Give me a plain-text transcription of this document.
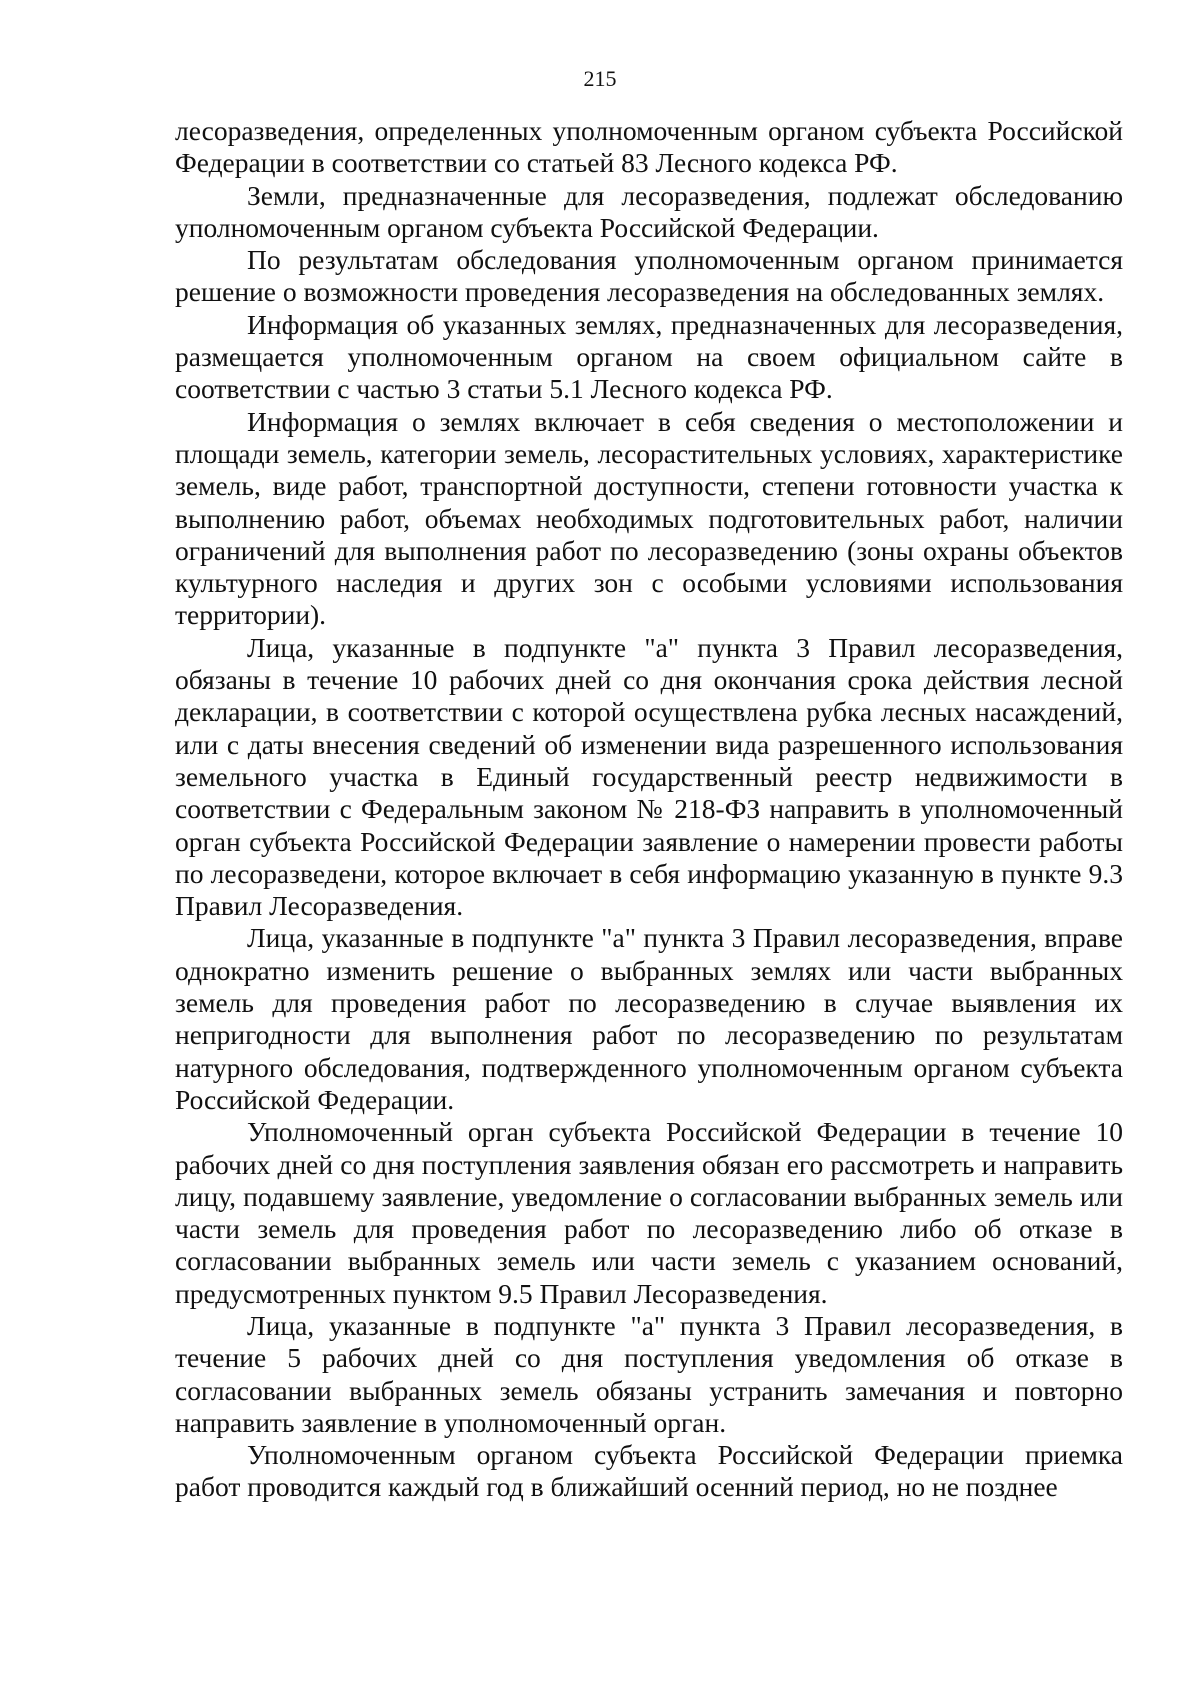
215

лесоразведения, определенных уполномоченным органом субъекта Российской Федерации в соответствии со статьей 83 Лесного кодекса РФ.

Земли, предназначенные для лесоразведения, подлежат обследованию уполномоченным органом субъекта Российской Федерации.

По результатам обследования уполномоченным органом принимается решение о возможности проведения лесоразведения на обследованных землях.

Информация об указанных землях, предназначенных для лесоразведения, размещается уполномоченным органом на своем официальном сайте в соответствии с частью 3 статьи 5.1 Лесного кодекса РФ.

Информация о землях включает в себя сведения о местоположении и площади земель, категории земель, лесорастительных условиях, характеристике земель, виде работ, транспортной доступности, степени готовности участка к выполнению работ, объемах необходимых подготовительных работ, наличии ограничений для выполнения работ по лесоразведению (зоны охраны объектов культурного наследия и других зон с особыми условиями использования территории).

Лица, указанные в подпункте "а" пункта 3 Правил лесоразведения, обязаны в течение 10 рабочих дней со дня окончания срока действия лесной декларации, в соответствии с которой осуществлена рубка лесных насаждений, или с даты внесения сведений об изменении вида разрешенного использования земельного участка в Единый государственный реестр недвижимости в соответствии с Федеральным законом № 218-ФЗ направить в уполномоченный орган субъекта Российской Федерации заявление о намерении провести работы по лесоразведени, которое включает в себя информацию указанную в пункте 9.3 Правил Лесоразведения.

Лица, указанные в подпункте "а" пункта 3 Правил лесоразведения, вправе однократно изменить решение о выбранных землях или части выбранных земель для проведения работ по лесоразведению в случае выявления их непригодности для выполнения работ по лесоразведению по результатам натурного обследования, подтвержденного уполномоченным органом субъекта Российской Федерации.

Уполномоченный орган субъекта Российской Федерации в течение 10 рабочих дней со дня поступления заявления обязан его рассмотреть и направить лицу, подавшему заявление, уведомление о согласовании выбранных земель или части земель для проведения работ по лесоразведению либо об отказе в согласовании выбранных земель или части земель с указанием оснований, предусмотренных пунктом 9.5 Правил Лесоразведения.

Лица, указанные в подпункте "а" пункта 3 Правил лесоразведения, в течение 5 рабочих дней со дня поступления уведомления об отказе в согласовании выбранных земель обязаны устранить замечания и повторно направить заявление в уполномоченный орган.

Уполномоченным органом субъекта Российской Федерации приемка работ проводится каждый год в ближайший осенний период, но не позднее
